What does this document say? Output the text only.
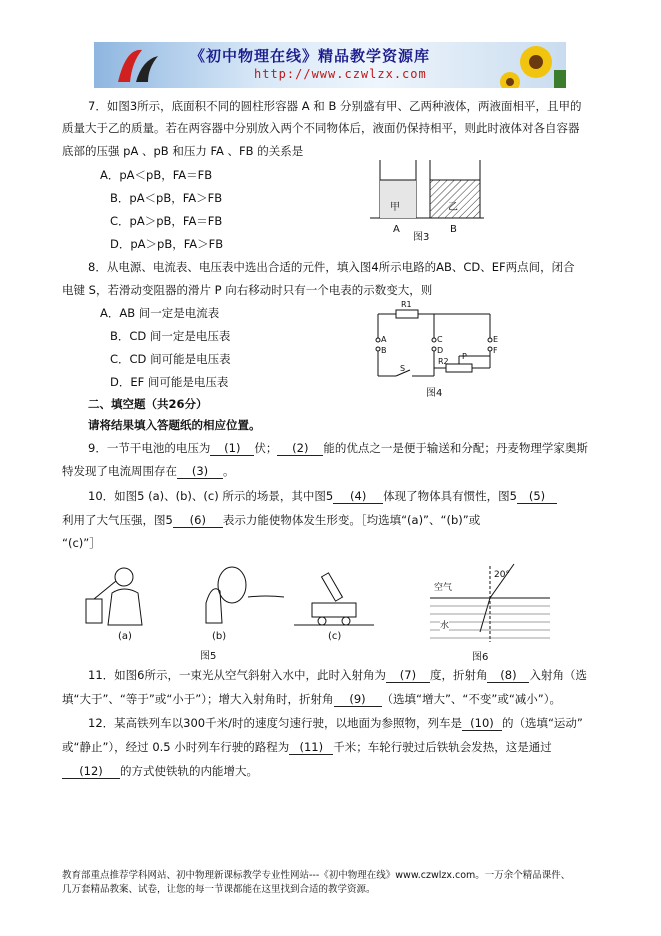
《初中物理在线》精品教学资源库
http://www.czwlzx.com
7．如图3所示，底面积不同的圆柱形容器 A 和 B 分别盛有甲、乙两种液体，两液面相平，且甲的
质量大于乙的质量。若在两容器中分别放入两个不同物体后，液面仍保持相平，则此时液体对各自容器
底部的压强 pA 、pB 和压力 FA 、FB 的关系是
A．pA＜pB，FA＝FB
B．pA＜pB，FA＞FB
C．pA＞pB，FA＝FB
D．pA＞pB，FA＞FB
甲	乙
A	B
图3
8．从电源、电流表、电压表中选出合适的元件，填入图4所示电路的AB、CD、EF两点间，闭合
电键 S，若滑动变阻器的滑片 P 向右移动时只有一个电表的示数变大，则
A．AB 间一定是电流表
B．CD 间一定是电压表
C．CD 间可能是电压表
D．EF 间可能是电压表
R1
A
B
C
D
E
F
S
R2
P
图4
二、填空题（共26分）
请将结果填入答题纸的相应位置。
9．一节干电池的电压为 (1) 伏； (2) 能的优点之一是便于输送和分配；丹麦物理学家奥斯
特发现了电流周围存在 (3) 。
10．如图5 (a)、(b)、(c) 所示的场景，其中图5 (4) 体现了物体具有惯性，图5 (5)
利用了大气压强，图5 (6) 表示力能使物体发生形变。［均选填“(a)”、“(b)”或
“(c)”］
(a)	(b)	(c)
图5
空气
水
20°
图6
11．如图6所示，一束光从空气斜射入水中，此时入射角为 (7) 度，折射角 (8) 入射角（选
填“大于”、“等于”或“小于”）；增大入射角时，折射角 (9) （选填“增大”、“不变”或“减小”）。
12．某高铁列车以300千米/时的速度匀速行驶，以地面为参照物，列车是 (10) 的（选填“运动”
或“静止”），经过 0.5 小时列车行驶的路程为 (11) 千米；车轮行驶过后铁轨会发热，这是通过
(12) 的方式使铁轨的内能增大。
教育部重点推荐学科网站、初中物理新课标教学专业性网站---《初中物理在线》www.czwlzx.com。一万余个精品课件、
几万套精品教案、试卷，让您的每一节课都能在这里找到合适的教学资源。
